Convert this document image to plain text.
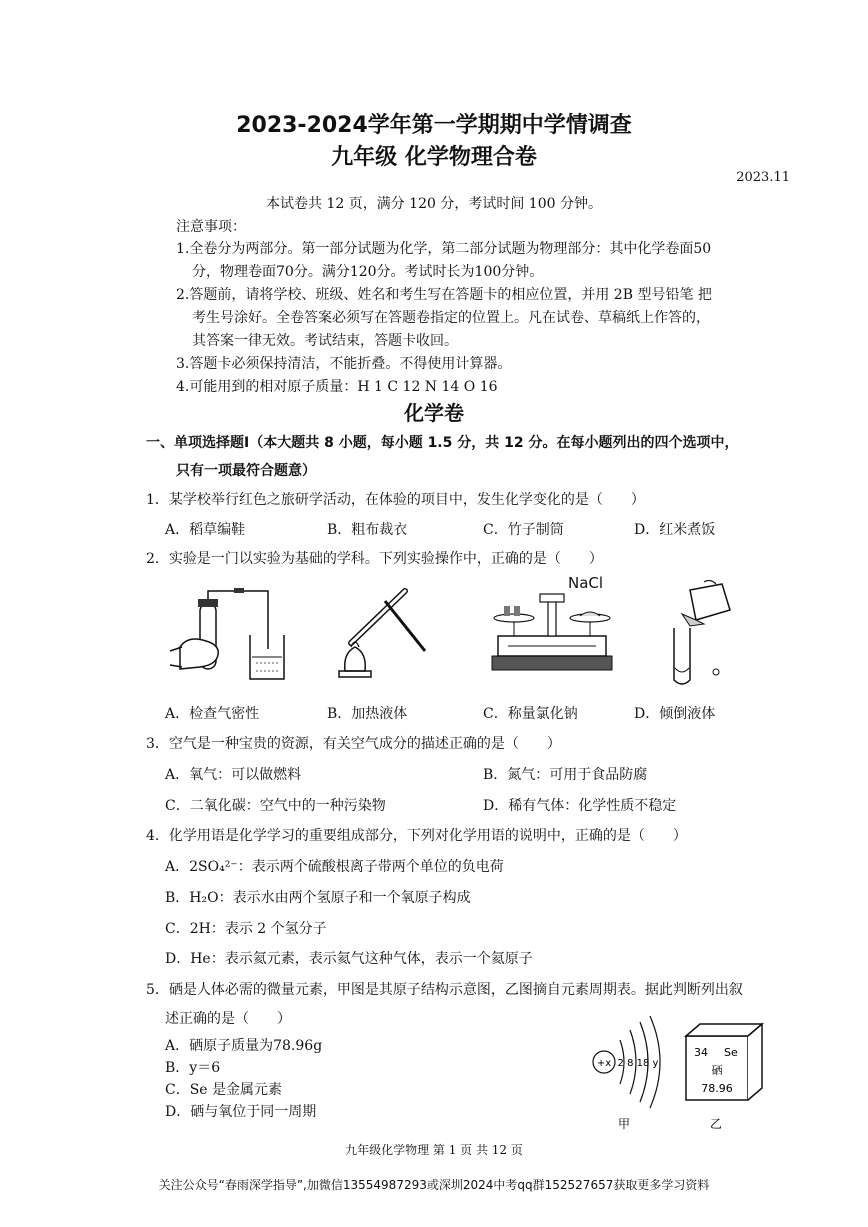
2023-2024学年第一学期期中学情调查
九年级 化学物理合卷
2023.11
本试卷共 12 页，满分 120 分，考试时间 100 分钟。
注意事项：
1.全卷分为两部分。第一部分试题为化学，第二部分试题为物理部分：其中化学卷面50
分，物理卷面70分。满分120分。考试时长为100分钟。
2.答题前，请将学校、班级、姓名和考生写在答题卡的相应位置，并用 2B 型号铅笔 把
考生号涂好。全卷答案必须写在答题卷指定的位置上。凡在试卷、草稿纸上作答的，
其答案一律无效。考试结束，答题卡收回。
3.答题卡必须保持清洁，不能折叠。不得使用计算器。
4.可能用到的相对原子质量：H 1 C 12 N 14 O 16
化学卷
一、单项选择题Ⅰ（本大题共 8 小题，每小题 1.5 分，共 12 分。在每小题列出的四个选项中，
只有一项最符合题意）
1．某学校举行红色之旅研学活动，在体验的项目中，发生化学变化的是（　　）
A．稻草编鞋	B．粗布裁衣	C．竹子制筒	D．红米煮饭
2．实验是一门以实验为基础的学科。下列实验操作中，正确的是（　　）
NaCl
A．检查气密性	B．加热液体	C．称量氯化钠	D．倾倒液体
3．空气是一种宝贵的资源，有关空气成分的描述正确的是（　　）
A．氧气：可以做燃料	B．氮气：可用于食品防腐
C．二氧化碳：空气中的一种污染物	D．稀有气体：化学性质不稳定
4．化学用语是化学学习的重要组成部分，下列对化学用语的说明中，正确的是（　　）
A．2SO₄²⁻：表示两个硫酸根离子带两个单位的负电荷
B．H₂O：表示水由两个氢原子和一个氧原子构成
C．2H：表示 2 个氢分子
D．He：表示氦元素，表示氦气这种气体，表示一个氦原子
5．硒是人体必需的微量元素，甲图是其原子结构示意图，乙图摘自元素周期表。据此判断列出叙
述正确的是（　　）
A．硒原子质量为78.96g
B．y＝6
C．Se 是金属元素
D．硒与氧位于同一周期
+x 2 8 18 y
甲
34 Se
硒
78.96
乙
九年级化学物理 第 1 页 共 12 页
关注公众号“春雨深学指导”,加微信13554987293或深圳2024中考qq群152527657获取更多学习资料
